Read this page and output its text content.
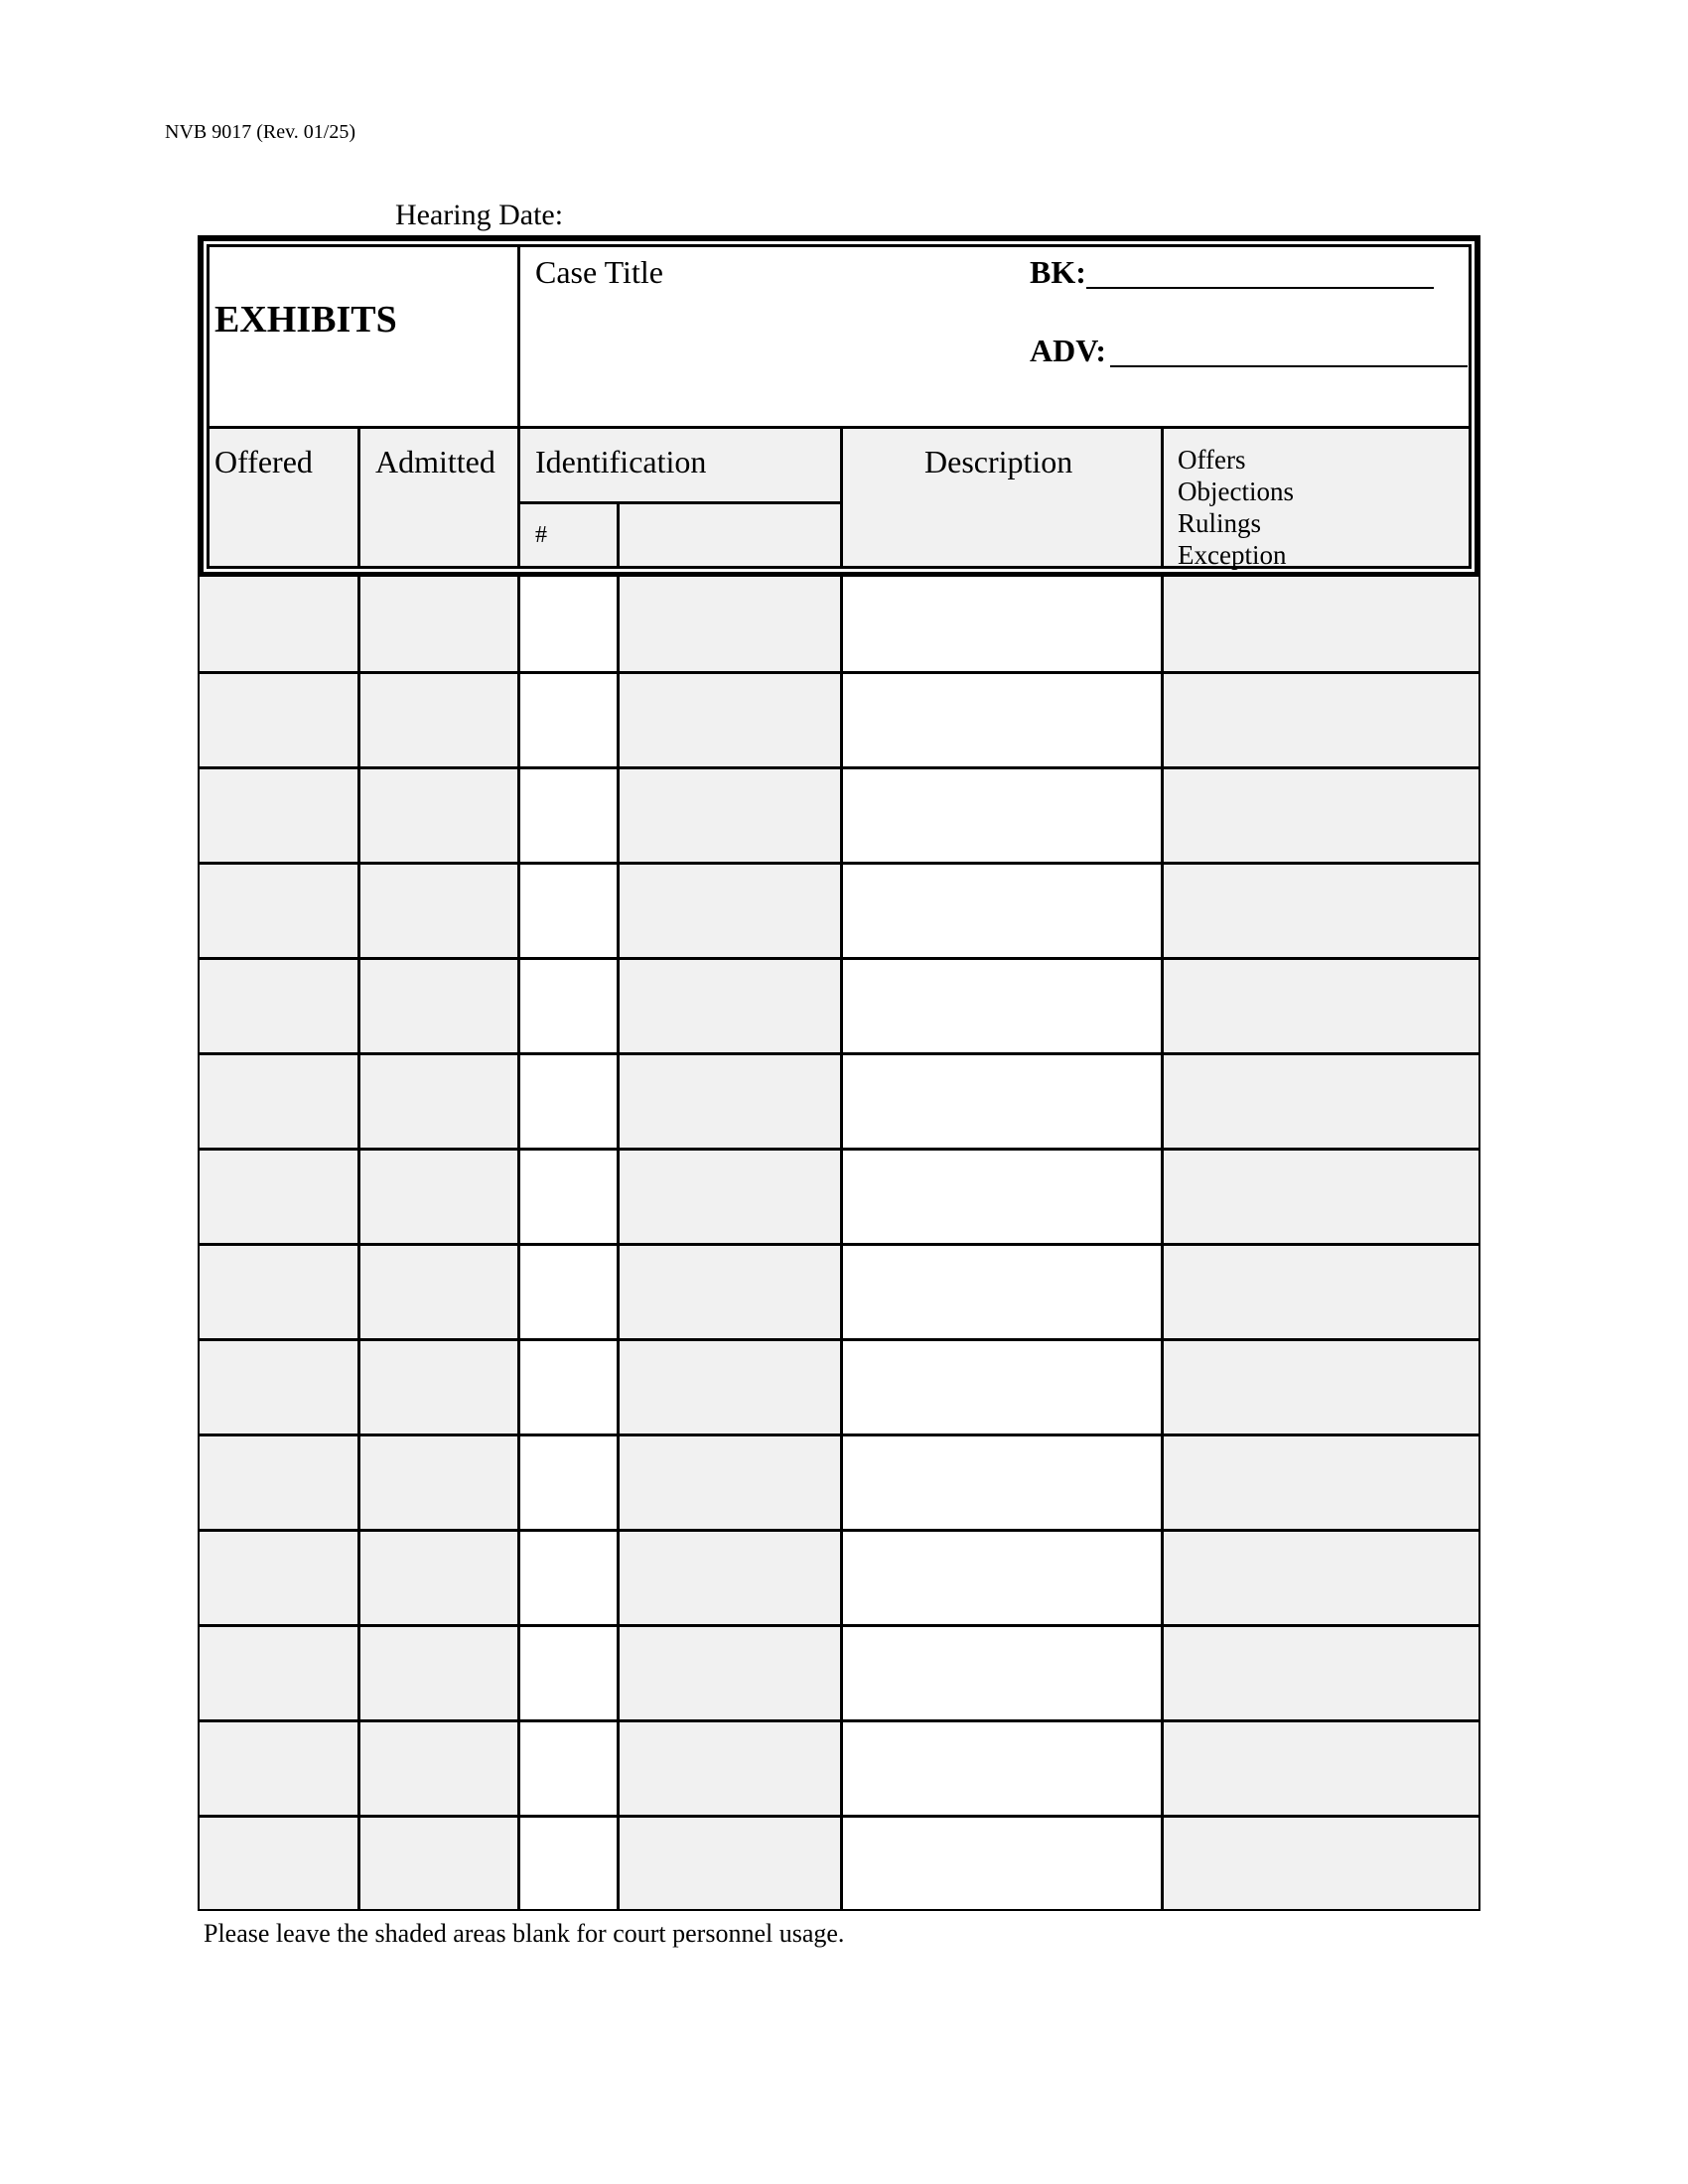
NVB 9017 (Rev. 01/25)
Hearing Date:
EXHIBITS
Case Title	BK:
ADV:
Offered Admitted Identification
#
Description	Offers
Objections
Rulings
Exception
Please leave the shaded areas blank for court personnel usage.
